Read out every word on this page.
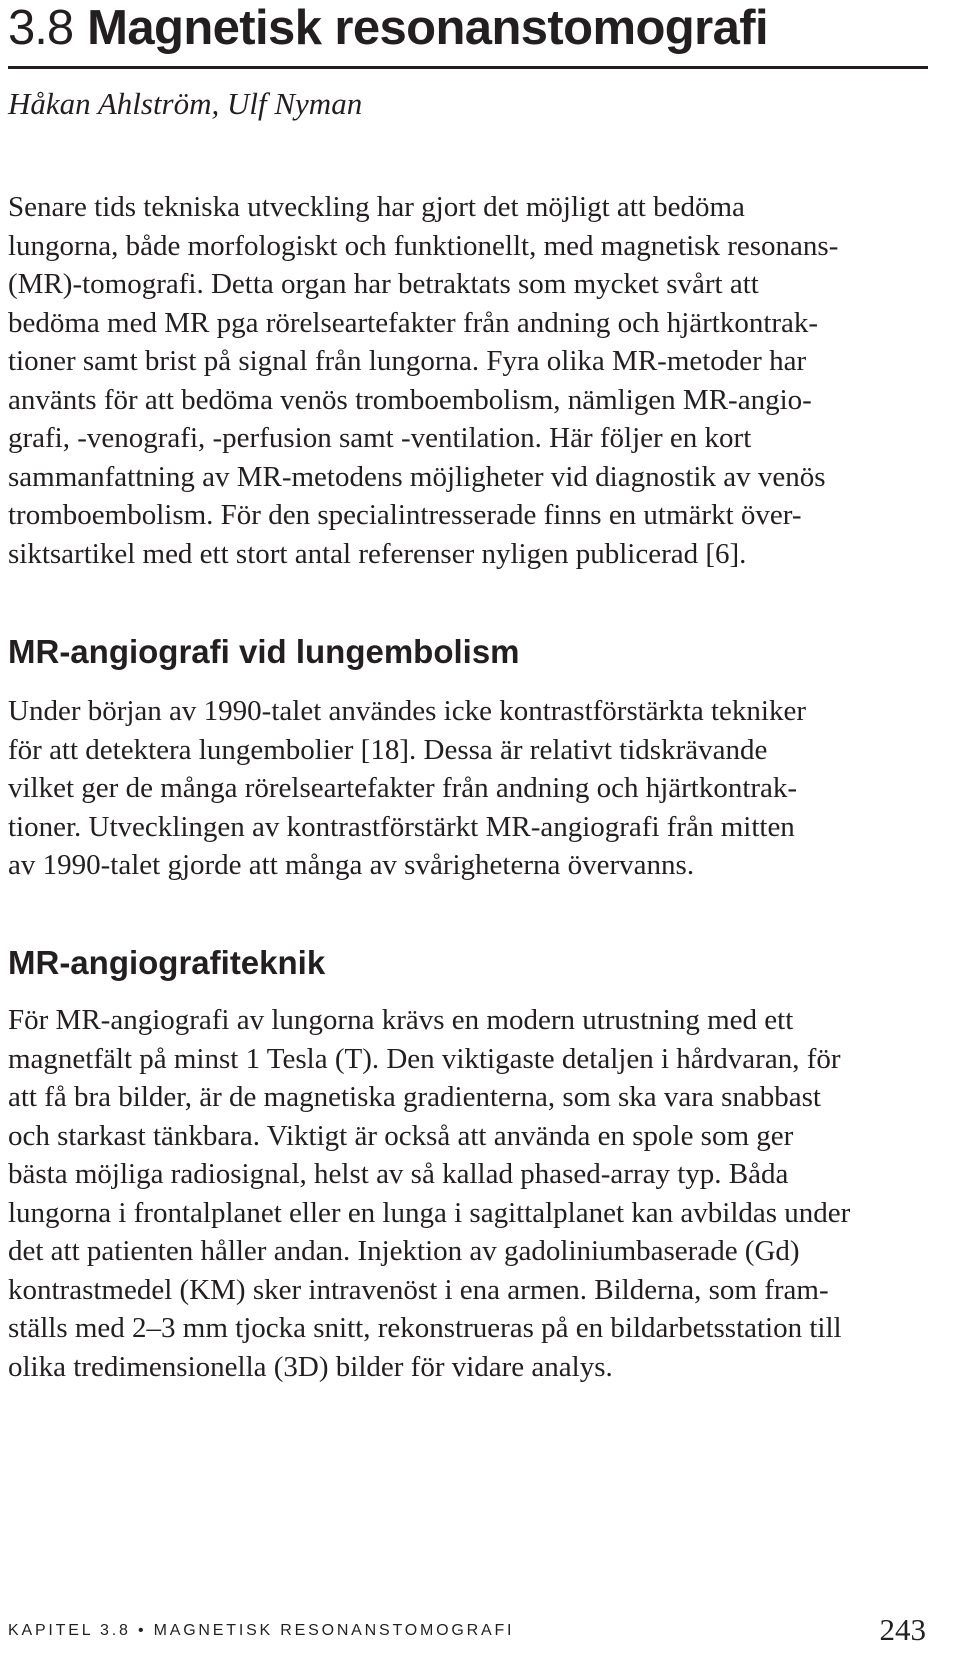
3.8 Magnetisk resonanstomografi
Håkan Ahlström, Ulf Nyman

Senare tids tekniska utveckling har gjort det möjligt att bedöma
lungorna, både morfologiskt och funktionellt, med magnetisk resonans-
(MR)-tomografi. Detta organ har betraktats som mycket svårt att
bedöma med MR pga rörelseartefakter från andning och hjärtkontrak-
tioner samt brist på signal från lungorna. Fyra olika MR-metoder har
använts för att bedöma venös tromboembolism, nämligen MR-angio-
grafi, -venografi, -perfusion samt -ventilation. Här följer en kort
sammanfattning av MR-metodens möjligheter vid diagnostik av venös
tromboembolism. För den specialintresserade finns en utmärkt över-
siktsartikel med ett stort antal referenser nyligen publicerad [6].

MR-angiografi vid lungembolism

Under början av 1990-talet användes icke kontrastförstärkta tekniker
för att detektera lungembolier [18]. Dessa är relativt tidskrävande
vilket ger de många rörelseartefakter från andning och hjärtkontrak-
tioner. Utvecklingen av kontrastförstärkt MR-angiografi från mitten
av 1990-talet gjorde att många av svårigheterna övervanns.

MR-angiografiteknik

För MR-angiografi av lungorna krävs en modern utrustning med ett
magnetfält på minst 1 Tesla (T). Den viktigaste detaljen i hårdvaran, för
att få bra bilder, är de magnetiska gradienterna, som ska vara snabbast
och starkast tänkbara. Viktigt är också att använda en spole som ger
bästa möjliga radiosignal, helst av så kallad phased-array typ. Båda
lungorna i frontalplanet eller en lunga i sagittalplanet kan avbildas under
det att patienten håller andan. Injektion av gadoliniumbaserade (Gd)
kontrastmedel (KM) sker intravenöst i ena armen. Bilderna, som fram-
ställs med 2–3 mm tjocka snitt, rekonstrueras på en bildarbetsstation till
olika tredimensionella (3D) bilder för vidare analys.

KAPITEL 3.8 • MAGNETISK RESONANSTOMOGRAFI	243
